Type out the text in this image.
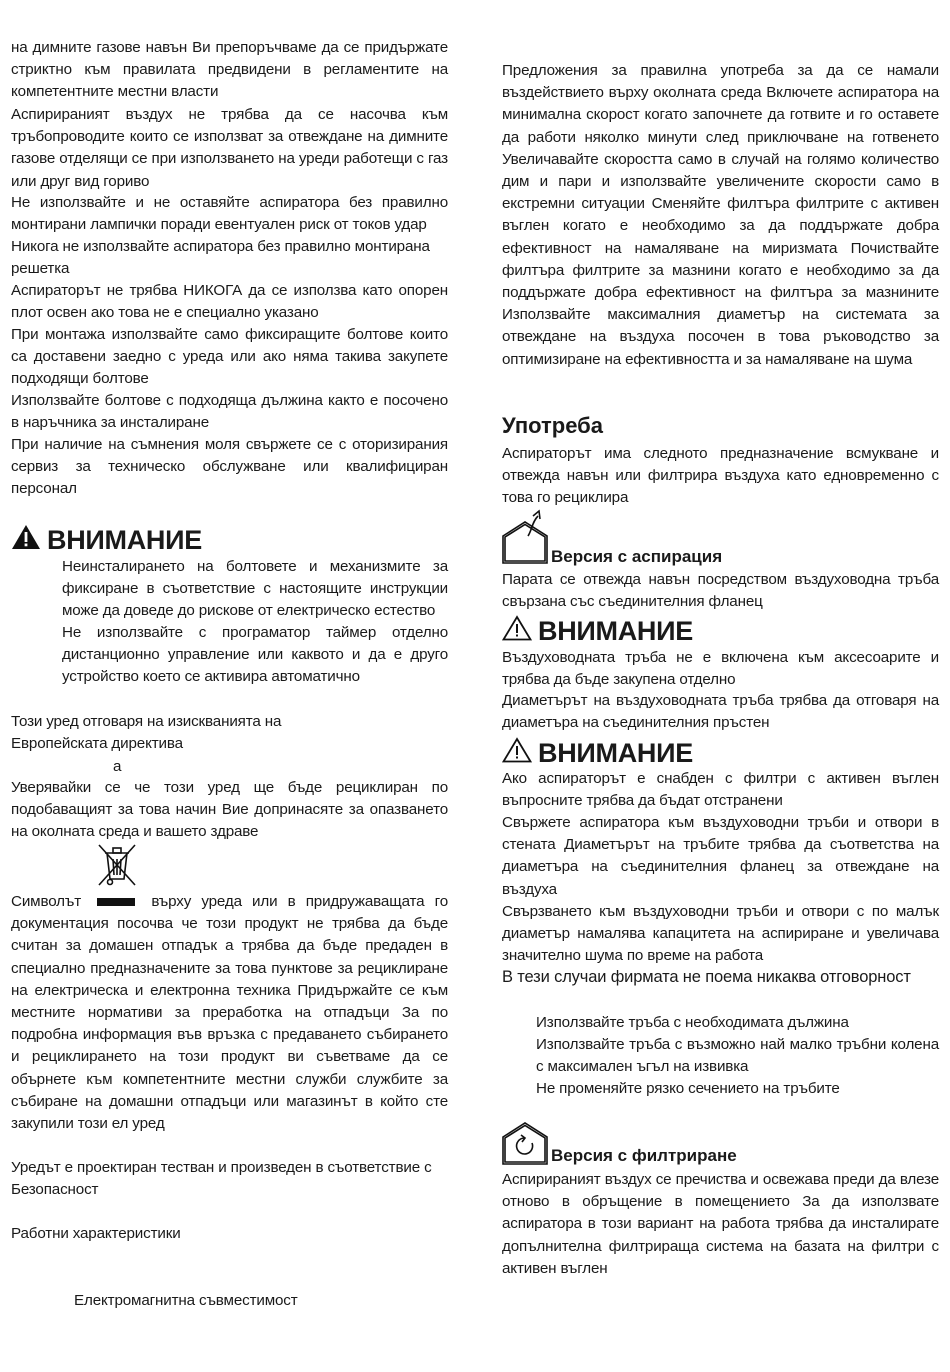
на димните газове навън Ви препоръчваме да се придържате стриктно към правилата предвидени в регламентите на компетентните местни власти
Аспирираният въздух не трябва да се насочва към тръбопроводите които се използват за отвеждане на димните газове отделящи се при използването на уреди работещи с газ или друг вид гориво
Не използвайте и не оставяйте аспиратора без правилно монтирани лампички поради евентуален риск от токов удар
Никога не използвайте аспиратора без правилно монтирана решетка
Аспираторът не трябва НИКОГА да се използва като опорен плот освен ако това не е специално указано
При монтажа използвайте само фиксиращите болтове които са доставени заедно с уреда или ако няма такива закупете подходящи болтове
Използвайте болтове с подходяща дължина както е посочено в наръчника за инсталиране
При наличие на съмнения моля свържете се с оторизирания сервиз за техническо обслужване или квалифициран персонал
ВНИМАНИЕ
Неинсталирането на болтовете и механизмите за фиксиране в съответствие с настоящите инструкции може да доведе до рискове от електрическо естество
Не използвайте с програматор таймер отделно дистанционно управление или каквото и да е друго устройство което се активира автоматично
Този уред отговаря на изискванията на
Европейската директива
а
Уверявайки се че този уред ще бъде рециклиран по подобаващият за това начин Вие допринасяте за опазването на околната среда и вашето здраве
Символът	върху уреда или в придружаващата го документация посочва че този продукт не трябва да бъде считан за домашен отпадък а трябва да бъде предаден в специално предназначените за това пунктове за рециклиране на електрическа и електронна техника Придържайте се към местните нормативи за преработка на отпадъци За по подробна информация във връзка с предаването събирането и рециклирането на този продукт ви съветваме да се обърнете към компетентните местни служби службите за събиране на домашни отпадъци или магазинът в който сте закупили този ел уред
Уредът е проектиран тестван и произведен в съответствие с
Безопасност
Работни характеристики
Електромагнитна съвместимост
Предложения за правилна употреба за да се намали въздействието върху околната среда Включете аспиратора на минимална скорост когато започнете да готвите и го оставете да работи няколко минути след приключване на готвенето Увеличавайте скоростта само в случай на голямо количество дим и пари и използвайте увеличените скорости само в екстремни ситуации Сменяйте филтъра филтрите с активен въглен когато е необходимо за да поддържате добра ефективност на намаляване на миризмата Почиствайте филтъра филтрите за мазнини когато е необходимо за да поддържате добра ефективност на филтъра за мазнините Използвайте максималния диаметър на системата за отвеждане на въздуха посочен в това ръководство за оптимизиране на ефективността и за намаляване на шума
Употреба
Аспираторът има следното предназначение всмукване и отвежда навън или филтрира въздуха като едновременно с това го рециклира
Версия с аспирация
Парата се отвежда навън посредством въздуховодна тръба свързана със съединителния фланец
ВНИМАНИЕ
Въздуховодната тръба не е включена към аксесоарите и трябва да бъде закупена отделно
Диаметърът на въздуховодната тръба трябва да отговаря на диаметъра на съединителния пръстен
ВНИМАНИЕ
Ако аспираторът е снабден с филтри с активен въглен въпросните трябва да бъдат отстранени
Свържете аспиратора към въздуховодни тръби и отвори в стената Диаметърът на тръбите трябва да съответства на диаметъра на съединителния фланец за отвеждане на въздуха
Свързването към въздуховодни тръби и отвори с по малък диаметър намалява капацитета на аспириране и увеличава значително шума по време на работа
В тези случаи фирмата не поема никаква отговорност
Използвайте тръба с необходимата дължина
Използвайте тръба с възможно най малко тръбни колена с максимален ъгъл на извивка
Не променяйте рязко сечението на тръбите
Версия с филтриране
Аспирираният въздух се пречиства и освежава преди да влезе отново в обръщение в помещението За да използвате аспиратора в този вариант на работа трябва да инсталирате допълнителна филтрираща система на базата на филтри с активен въглен
